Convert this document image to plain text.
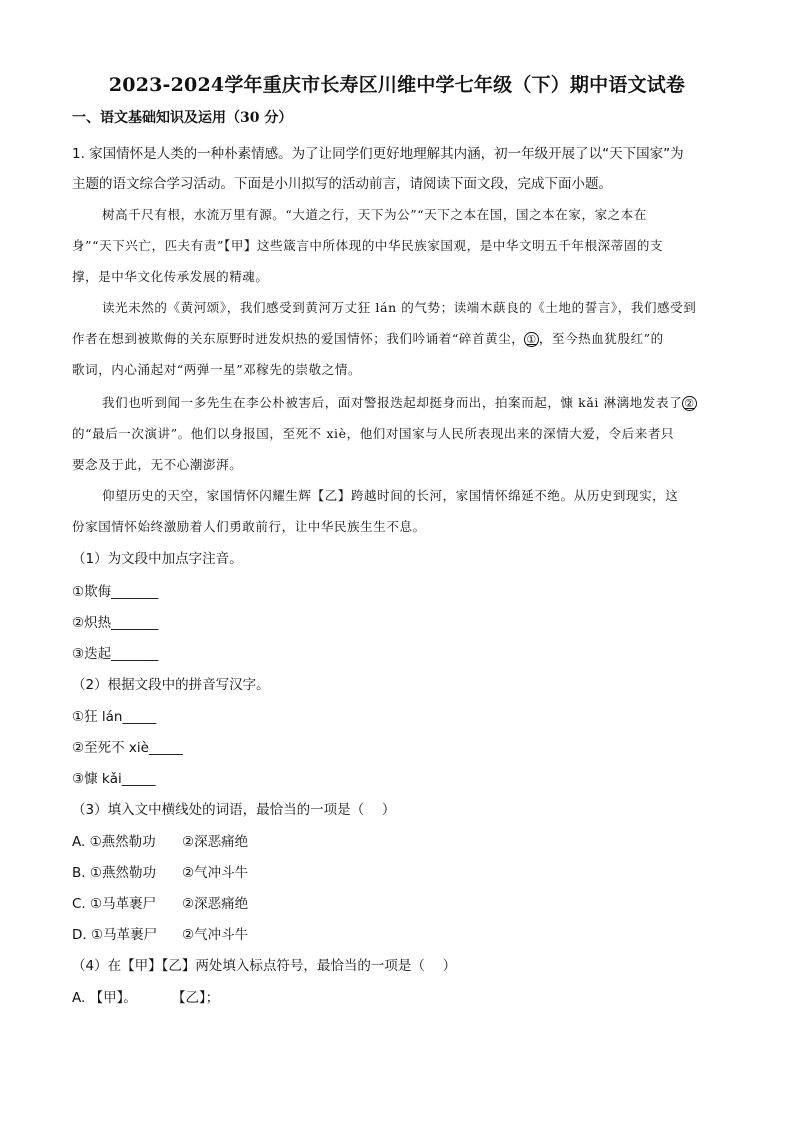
2023-2024学年重庆市长寿区川维中学七年级（下）期中语文试卷
一、语文基础知识及运用（30 分）
1. 家国情怀是人类的一种朴素情感。为了让同学们更好地理解其内涵，初一年级开展了以“天下国家”为
主题的语文综合学习活动。下面是小川拟写的活动前言，请阅读下面文段，完成下面小题。
树高千尺有根，水流万里有源。“大道之行，天下为公”“天下之本在国，国之本在家，家之本在
身”“天下兴亡，匹夫有责”【甲】这些箴言中所体现的中华民族家国观，是中华文明五千年根深蒂固的支
撑，是中华文化传承发展的精魂。
读光未然的《黄河颂》，我们感受到黄河万丈狂 lán 的气势；读端木蕻良的《土地的誓言》，我们感受到
作者在想到被欺侮的关东原野时迸发炽热的爱国情怀；我们吟诵着“碎首黄尘， ① ，至今热血犹殷红”的
歌词，内心涌起对“两弹一星”邓稼先的崇敬之情。
我们也听到闻一多先生在李公朴被害后，面对警报迭起却挺身而出，拍案而起，慷 kǎi 淋漓地发表了 ②
的“最后一次演讲”。他们以身报国，至死不 xiè，他们对国家与人民所表现出来的深情大爱，令后来者只
要念及于此，无不心潮澎湃。
仰望历史的天空，家国情怀闪耀生辉【乙】跨越时间的长河，家国情怀绵延不绝。从历史到现实，这
份家国情怀始终激励着人们勇敢前行，让中华民族生生不息。
（1）为文段中加点字注音。
①欺侮_______
②炽热_______
③迭起_______
（2）根据文段中的拼音写汉字。
①狂 lán_____
②至死不 xiè_____
③慷 kǎi_____
（3）填入文中横线处的词语，最恰当的一项是（　 ）
A. ①燕然勒功 ②深恶痛绝
B. ①燕然勒功 ②气冲斗牛
C. ①马革裹尸 ②深恶痛绝
D. ①马革裹尸 ②气冲斗牛
（4）在【甲】【乙】两处填入标点符号，最恰当的一项是（　 ）
A. 【甲】。	【乙】；
